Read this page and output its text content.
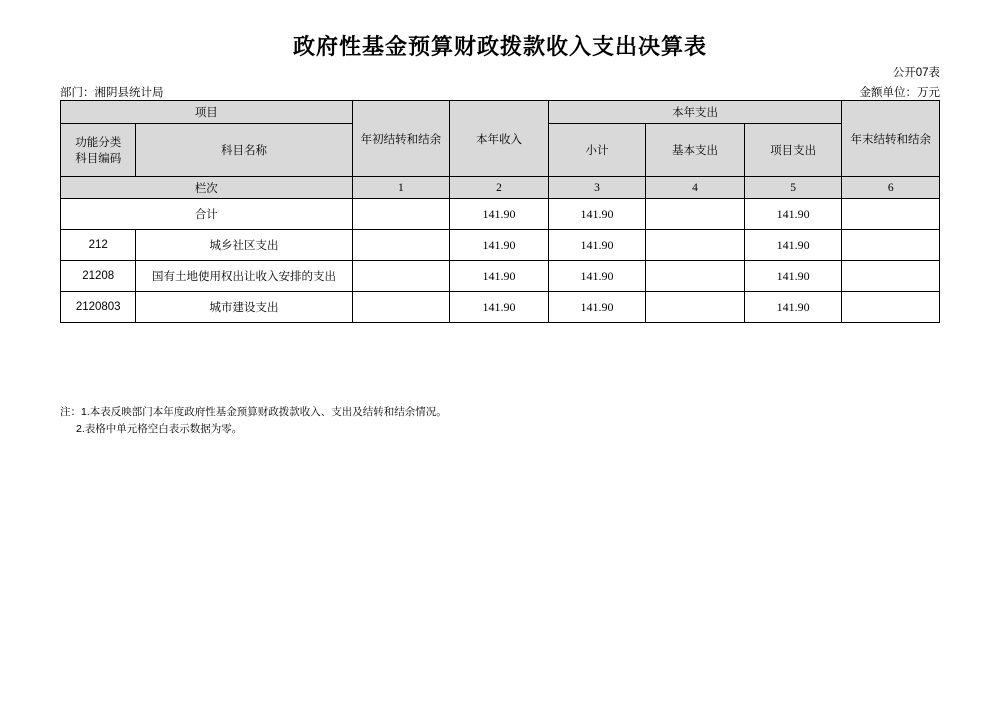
政府性基金预算财政拨款收入支出决算表
公开07表
部门：湘阴县统计局	金额单位：万元
项目		年初结转和结余	本年收入	本年支出			年末结转和结余
功能分类
科目编码	科目名称			小计	基本支出	项目支出	
栏次		1	2	3	4	5	6
合计			141.90	141.90		141.90	
212	城乡社区支出		141.90	141.90		141.90	
21208	国有土地使用权出让收入安排的支出		141.90	141.90		141.90	
2120803	城市建设支出		141.90	141.90		141.90	
注：1.本表反映部门本年度政府性基金预算财政拨款收入、支出及结转和结余情况。
2.表格中单元格空白表示数据为零。
